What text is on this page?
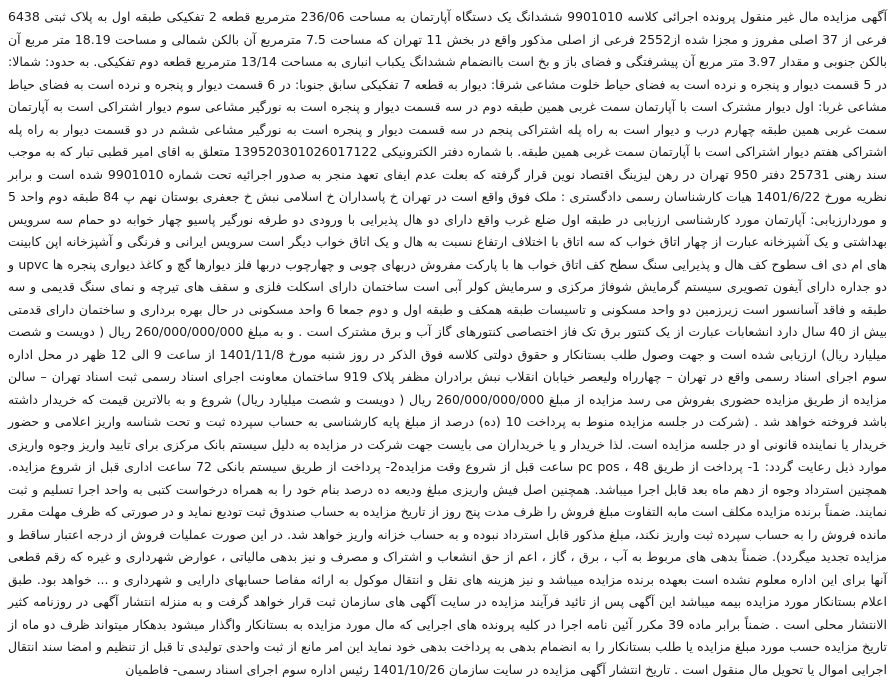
آگهی مزایده مال غیر منقول پرونده اجرائی کلاسه 9901010 ششدانگ یک دستگاه آپارتمان به مساحت 236/06 مترمربع قطعه 2 تفکیکی طبقه اول به پلاک ثبتی 6438 فرعی از 37 اصلی مفروز و مجزا شده از2552 فرعی از اصلی مذکور واقع در بخش 11 تهران که مساحت 7.5 مترمربع آن بالکن شمالی و مساحت 18.19 متر مربع آن بالکن جنوبی و مقدار 3.97 متر مربع آن پیشرفتگی و فضای باز و بخ است باانضمام ششدانگ یکباب انباری به مساحت 13/14 مترمربع قطعه دوم تفکیکی. به حدود: شمالا: در 5 قسمت دیوار و پنجره و نرده است به فضای حیاط خلوت مشاعی شرقا: دیوار به قطعه 7 تفکیکی سابق جنوبا: در 6 قسمت دیوار و پنجره و نرده است به فضای حیاط مشاعی غربا: اول دیوار مشترک است با آپارتمان سمت غربی همین طبقه دوم در سه قسمت دیوار و پنجره است به نورگیر مشاعی سوم دیوار اشتراکی است به آپارتمان سمت غربی همین طبقه چهارم درب و دیوار است به راه پله اشتراکی پنجم در سه قسمت دیوار و پنجره است به نورگیر مشاعی ششم در دو قسمت دیوار به راه پله اشتراکی هفتم دیوار اشتراکی است با آپارتمان سمت غربی همین طبقه. با شماره دفتر الکترونیکی 139520301026017122 متعلق به اقای امیر قطبی تبار که به موجب سند رهنی 25731 دفتر 950 تهران در رهن لیزینگ اقتصاد نوین قرار گرفته که بعلت عدم ایفای تعهد منجر به صدور اجرائیه تحت شماره 9901010 شده است و برابر نظریه مورخ 1401/6/22 هیات کارشناسان رسمی دادگستری : ملک فوق واقع است در تهران خ پاسداران خ اسلامی نبش خ جعفری بوستان نهم پ 84 طبقه دوم واحد 5 و موردارزیابی: آپارتمان مورد کارشناسی ارزیابی در طبقه اول ضلع غرب واقع دارای دو هال پذیرایی با ورودی دو طرفه نورگیر پاسیو چهار خوابه دو حمام سه سرویس بهداشتی و یک آشپزخانه عبارت از چهار اتاق خواب که سه اتاق با اختلاف ارتفاع نسبت به هال و یک اتاق خواب دیگر است سرویس ایرانی و فرنگی و آشپزخانه اپن کابینت های ام دی اف سطوح کف هال و پذیرایی سنگ سطح کف اتاق خواب ها با پارکت مفروش دربهای چوبی و چهارچوب دربها فلز دیوارها گچ و کاغذ دیواری پنجره ها upvc و دو جداره دارای آیفون تصویری سیستم گرمایش شوفاژ مرکزی و سرمایش کولر آبی است ساختمان دارای اسکلت فلزی و سقف های تیرچه و نمای سنگ قدیمی و سه طبقه و فاقد آسانسور است زیرزمین دو واحد مسکونی و تاسیسات طبقه همکف و طبقه اول و دوم جمعا 6 واحد مسکونی در حال بهره برداری و ساختمان دارای قدمتی بیش از 40 سال دارد انشعابات عبارت از یک کنتور برق تک فاز اختصاصی کنتورهای گاز آب و برق مشترک است . و به مبلغ 260/000/000/000 ریال ( دویست و شصت میلیارد ریال) ارزیابی شده است و جهت وصول طلب بستانکار و حقوق دولتی کلاسه فوق الذکر در روز شنبه مورخ 1401/11/8 از ساعت 9 الی 12 ظهر در محل اداره سوم اجرای اسناد رسمی واقع در تهران – چهارراه ولیعصر خیابان انقلاب نبش برادران مظفر پلاک 919 ساختمان معاونت اجرای اسناد رسمی ثبت اسناد تهران – سالن مزایده از طریق مزایده حضوری بفروش می رسد مزایده از مبلغ 260/000/000/000 ریال ( دویست و شصت میلیارد ریال) شروع و به بالاترین قیمت که خریدار داشته باشد فروخته خواهد شد . (شرکت در جلسه مزایده منوط به پرداخت 10 (ده) درصد از مبلغ پایه کارشناسی به حساب سپرده ثبت و تحت شناسه واریز اعلامی و حضور خریدار یا نماینده قانونی او در جلسه مزایده است. لذا خریدار و یا خریداران می بایست جهت شرکت در مزایده به دلیل سیستم بانک مرکزی برای تایید واریز وجوه واریزی موارد ذیل رعایت گردد: 1- پرداخت از طریق pc pos ، 48 ساعت قبل از شروع وقت مزایده2- پرداخت از طریق سیستم بانکی 72 ساعت اداری قبل از شروع مزایده. همچنین استرداد وجوه از دهم ماه بعد قابل اجرا میباشد. همچنین اصل فیش واریزی مبلغ ودیعه ده درصد بنام خود را به همراه درخواست کتبی به واحد اجرا تسلیم و ثبت نمایند. ضمناً برنده مزایده مکلف است مابه التفاوت مبلغ فروش را ظرف مدت پنج روز از تاریخ مزایده به حساب صندوق ثبت تودیع نماید و در صورتی که ظرف مهلت مقرر مانده فروش را به حساب سپرده ثبت واریز نکند، مبلغ مذکور قابل استرداد نبوده و به حساب خزانه واریز خواهد شد. در این صورت عملیات فروش از درجه اعتبار ساقط و مزایده تجدید میگردد). ضمناً بدهی های مربوط به آب ، برق ، گاز ، اعم از حق انشعاب و اشتراک و مصرف و نیز بدهی مالیاتی ، عوارض شهرداری و غیره که رقم قطعی آنها برای این اداره معلوم نشده است بعهده برنده مزایده میباشد و نیز هزینه های نقل و انتقال موکول به ارائه مفاصا حسابهای دارایی و شهرداری و ... خواهد بود. طبق اعلام بستانکار مورد مزایده بیمه میباشد این آگهی پس از تائید فرآیند مزایده در سایت آگهی های سازمان ثبت قرار خواهد گرفت و به منزله انتشار آگهی در روزنامه کثیر الانتشار محلی است . ضمناً برابر ماده 39 مکرر آئین نامه اجرا در کلیه پرونده های اجرایی که مال مورد مزایده به بستانکار واگذار میشود بدهکار میتواند ظرف دو ماه از تاریخ مزایده حسب مورد مبلغ مزایده یا طلب بستانکار را به انضمام بدهی به پرداخت بدهی خود نماید این امر مانع از ثبت واحدی تولیدی تا قبل از تنظیم و امضا سند انتقال اجرایی اموال یا تحویل مال منقول است . تاریخ انتشار آگهی مزایده در سایت سازمان 1401/10/26 رئیس اداره سوم اجرای اسناد رسمی- فاطمیان
